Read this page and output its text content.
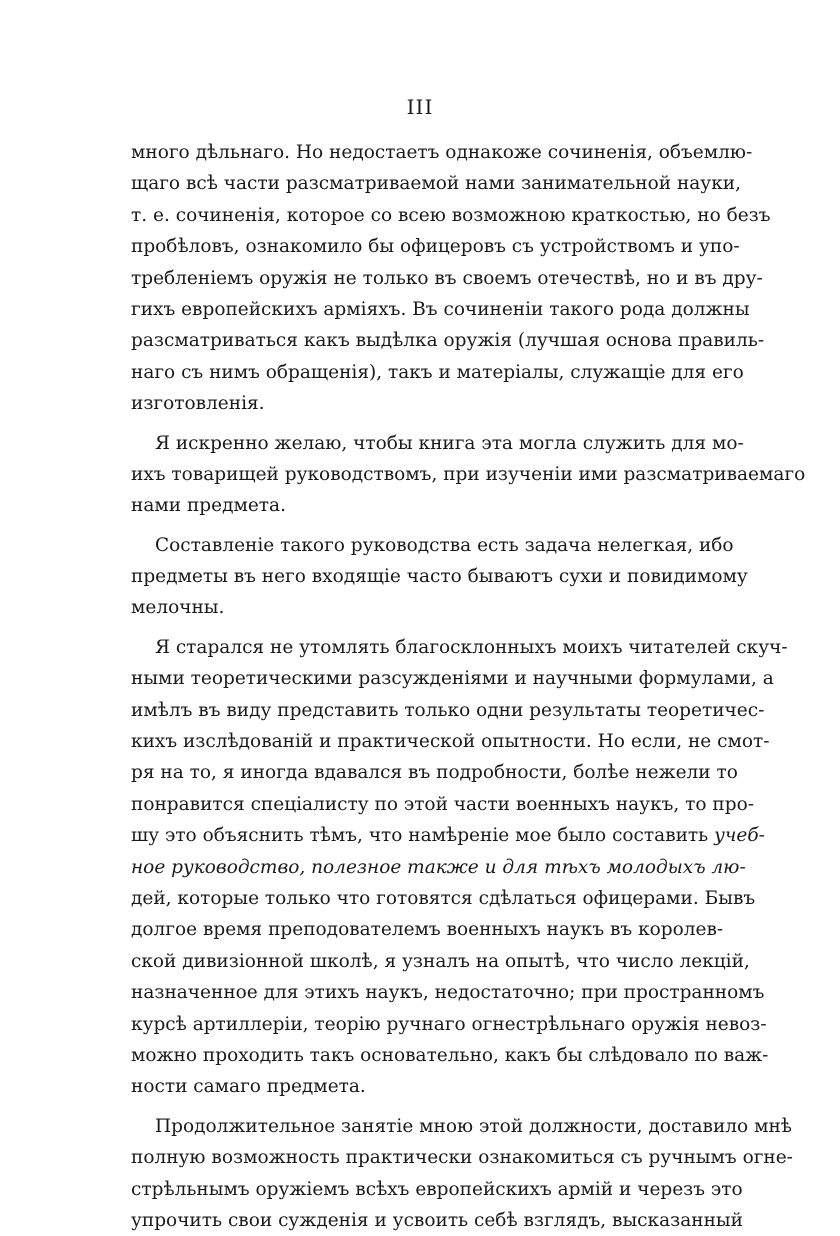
III
много дѣльнаго. Но недостаетъ однакоже сочиненія, объемлю-
щаго всѣ части разсматриваемой нами занимательной науки,
т. е. сочиненія, которое со всею возможною краткостью, но безъ
пробѣловъ, ознакомило бы офицеровъ съ устройствомъ и упо-
требленіемъ оружія не только въ своемъ отечествѣ, но и въ дру-
гихъ европейскихъ арміяхъ. Въ сочиненіи такого рода должны
разсматриваться какъ выдѣлка оружія (лучшая основа правиль-
наго съ нимъ обращенія), такъ и матеріалы, служащіе для его
изготовленія.
Я искренно желаю, чтобы книга эта могла служить для мо-
ихъ товарищей руководствомъ, при изученіи ими разсматриваемаго
нами предмета.
Составленіе такого руководства есть задача нелегкая, ибо
предметы въ него входящіе часто бываютъ сухи и повидимому
мелочны.
Я старался не утомлять благосклонныхъ моихъ читателей скуч-
ными теоретическими разсужденіями и научными формулами, а
имѣлъ въ виду представить только одни результаты теоретичес-
кихъ изслѣдованій и практической опытности. Но если, не смот-
ря на то, я иногда вдавался въ подробности, болѣе нежели то
понравится спеціалисту по этой части военныхъ наукъ, то про-
шу это объяснить тѣмъ, что намѣреніе мое было составить учеб-
ное руководство, полезное также и для тѣхъ молодыхъ лю-
дей, которые только что готовятся сдѣлаться офицерами. Бывъ
долгое время преподователемъ военныхъ наукъ въ королев-
ской дивизіонной школѣ, я узналъ на опытѣ, что число лекцій,
назначенное для этихъ наукъ, недостаточно; при пространномъ
курсѣ артиллеріи, теорію ручнаго огнестрѣльнаго оружія невоз-
можно проходить такъ основательно, какъ бы слѣдовало по важ-
ности самаго предмета.
Продолжительное занятіе мною этой должности, доставило мнѣ
полную возможность практически ознакомиться съ ручнымъ огне-
стрѣльнымъ оружіемъ всѣхъ европейскихъ армій и черезъ это
упрочить свои сужденія и усвоить себѣ взглядъ, высказанный
